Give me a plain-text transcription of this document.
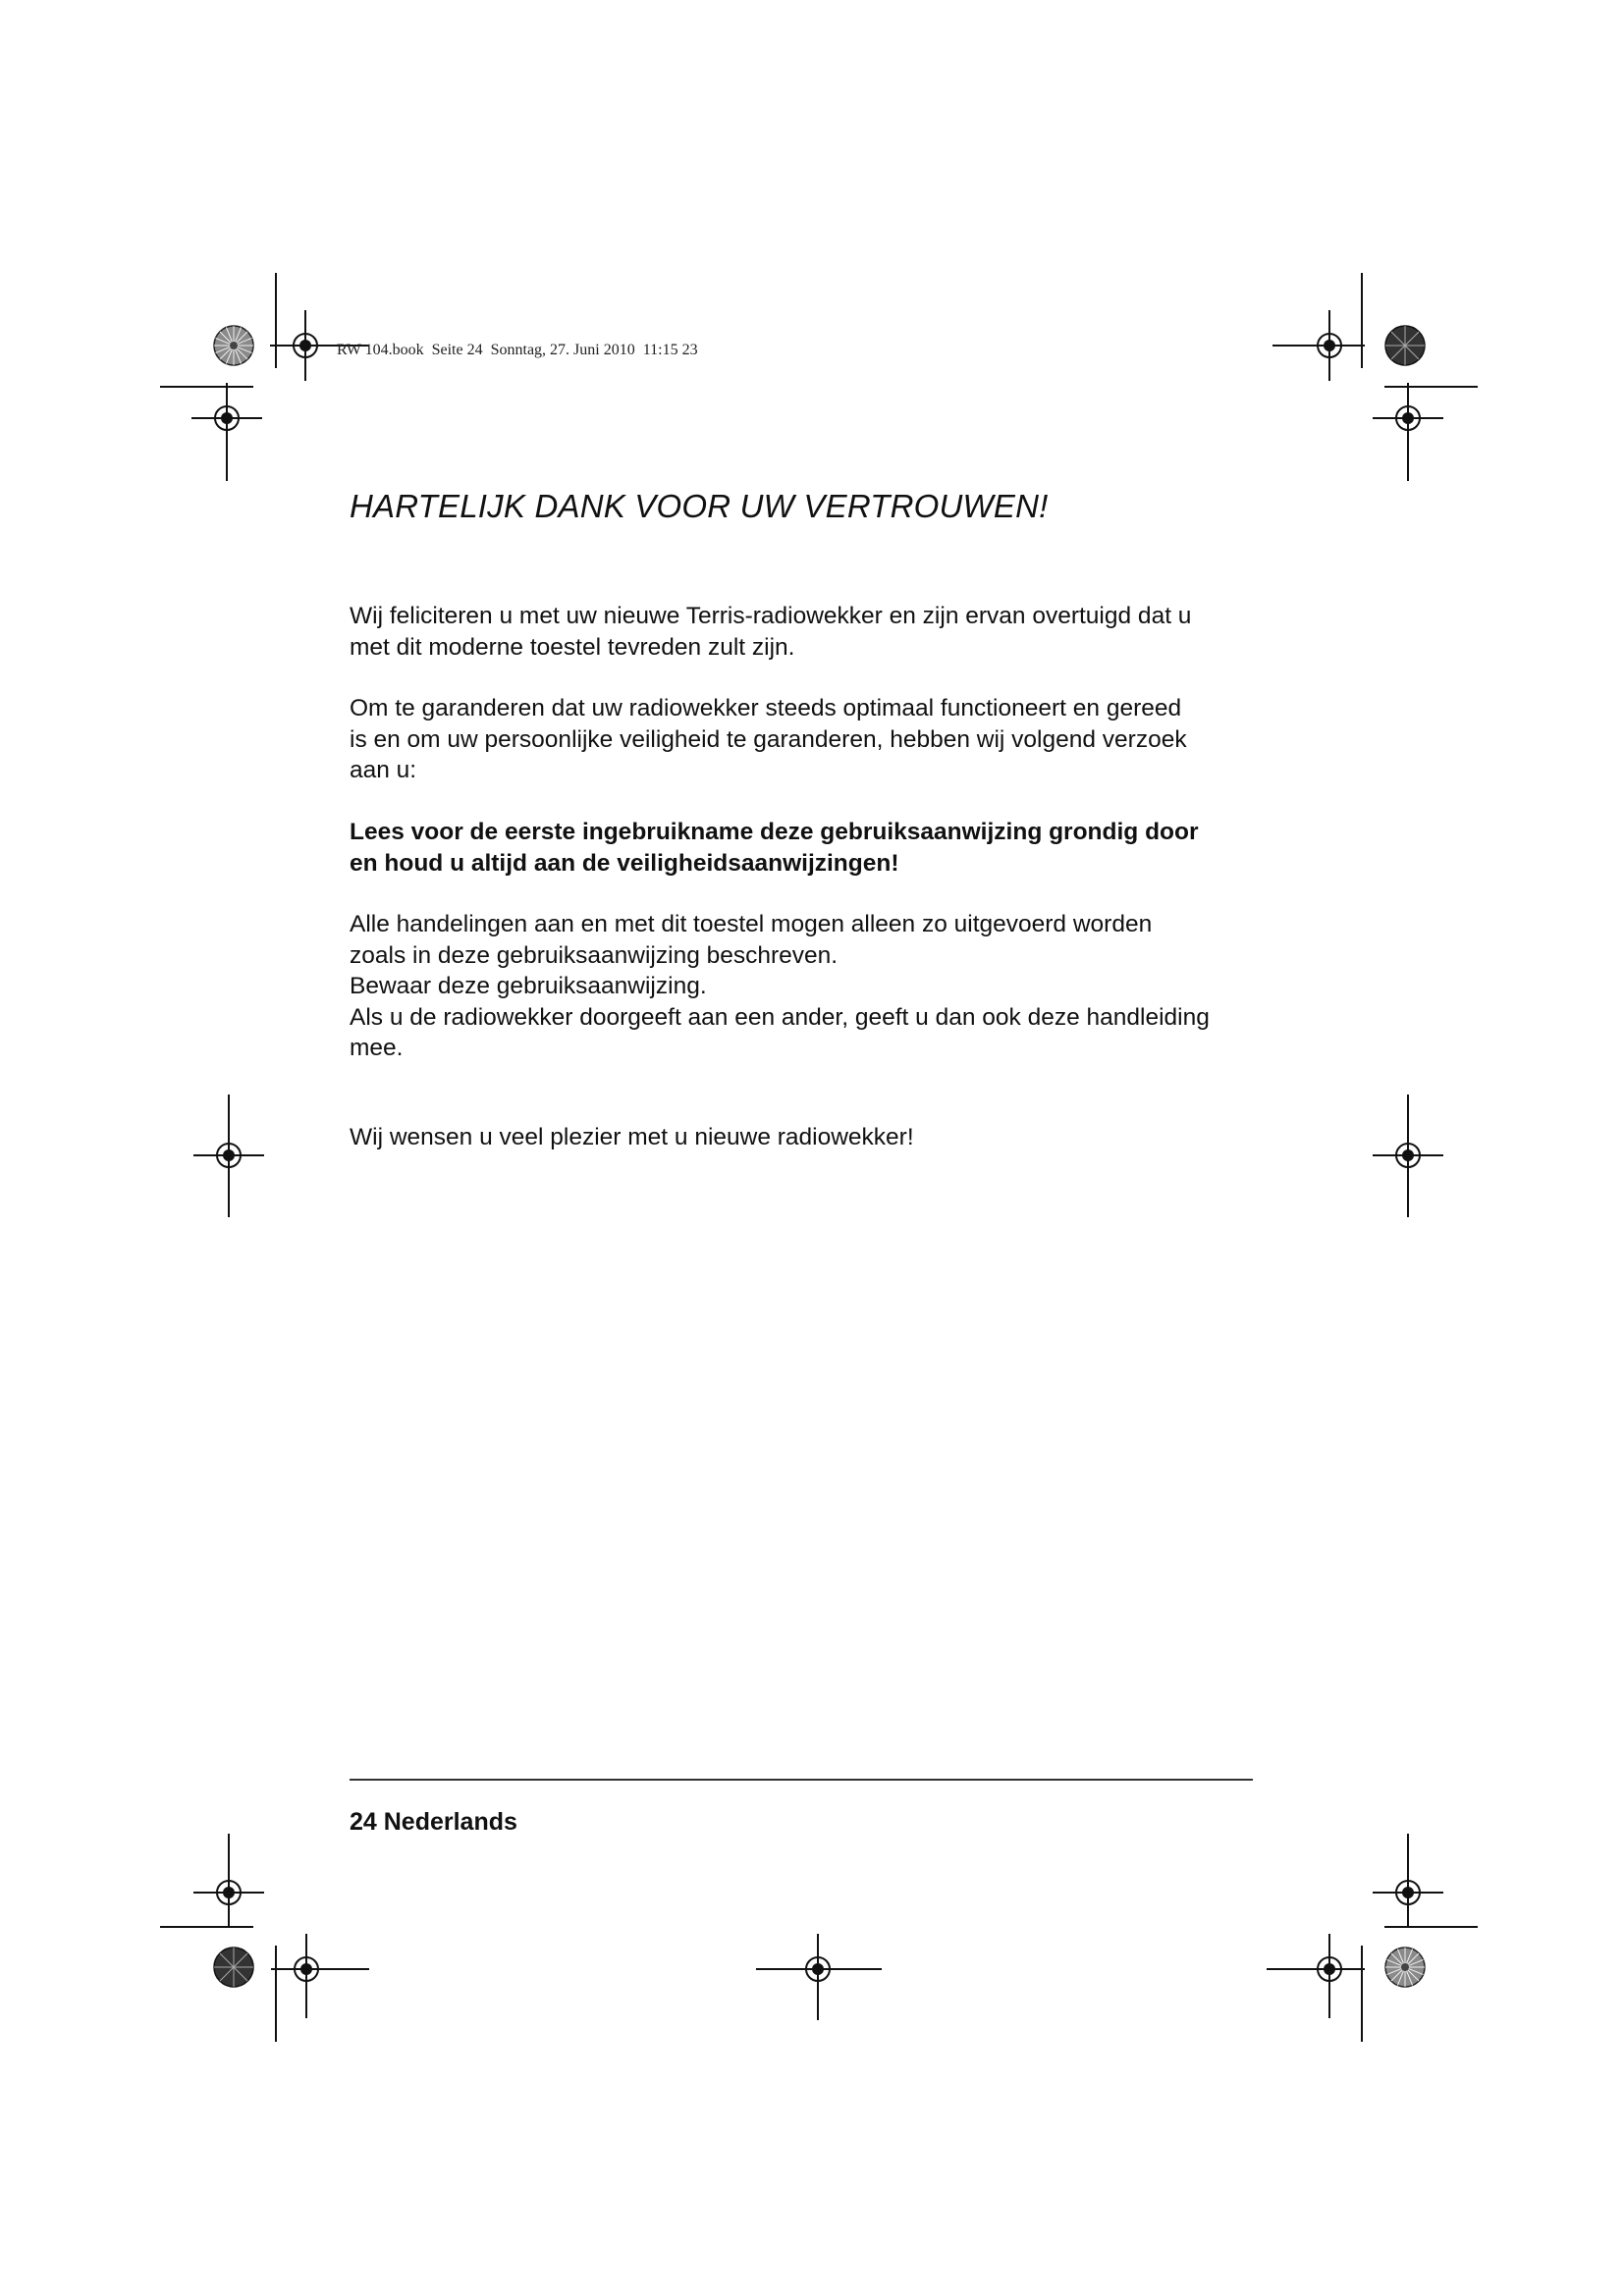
RW 104.book  Seite 24  Sonntag, 27. Juni 2010  11:15 23
HARTELIJK DANK VOOR UW VERTROUWEN!

Wij feliciteren u met uw nieuwe Terris-radiowekker en zijn ervan overtuigd dat u
met dit moderne toestel tevreden zult zijn.

Om te garanderen dat uw radiowekker steeds optimaal functioneert en gereed
is en om uw persoonlijke veiligheid te garanderen, hebben wij volgend verzoek
aan u:

Lees voor de eerste ingebruikname deze gebruiksaanwijzing grondig door
en houd u altijd aan de veiligheidsaanwijzingen!

Alle handelingen aan en met dit toestel mogen alleen zo uitgevoerd worden
zoals in deze gebruiksaanwijzing beschreven.
Bewaar deze gebruiksaanwijzing.
Als u de radiowekker doorgeeft aan een ander, geeft u dan ook deze handleiding
mee.

Wij wensen u veel plezier met u nieuwe radiowekker!

24 Nederlands
